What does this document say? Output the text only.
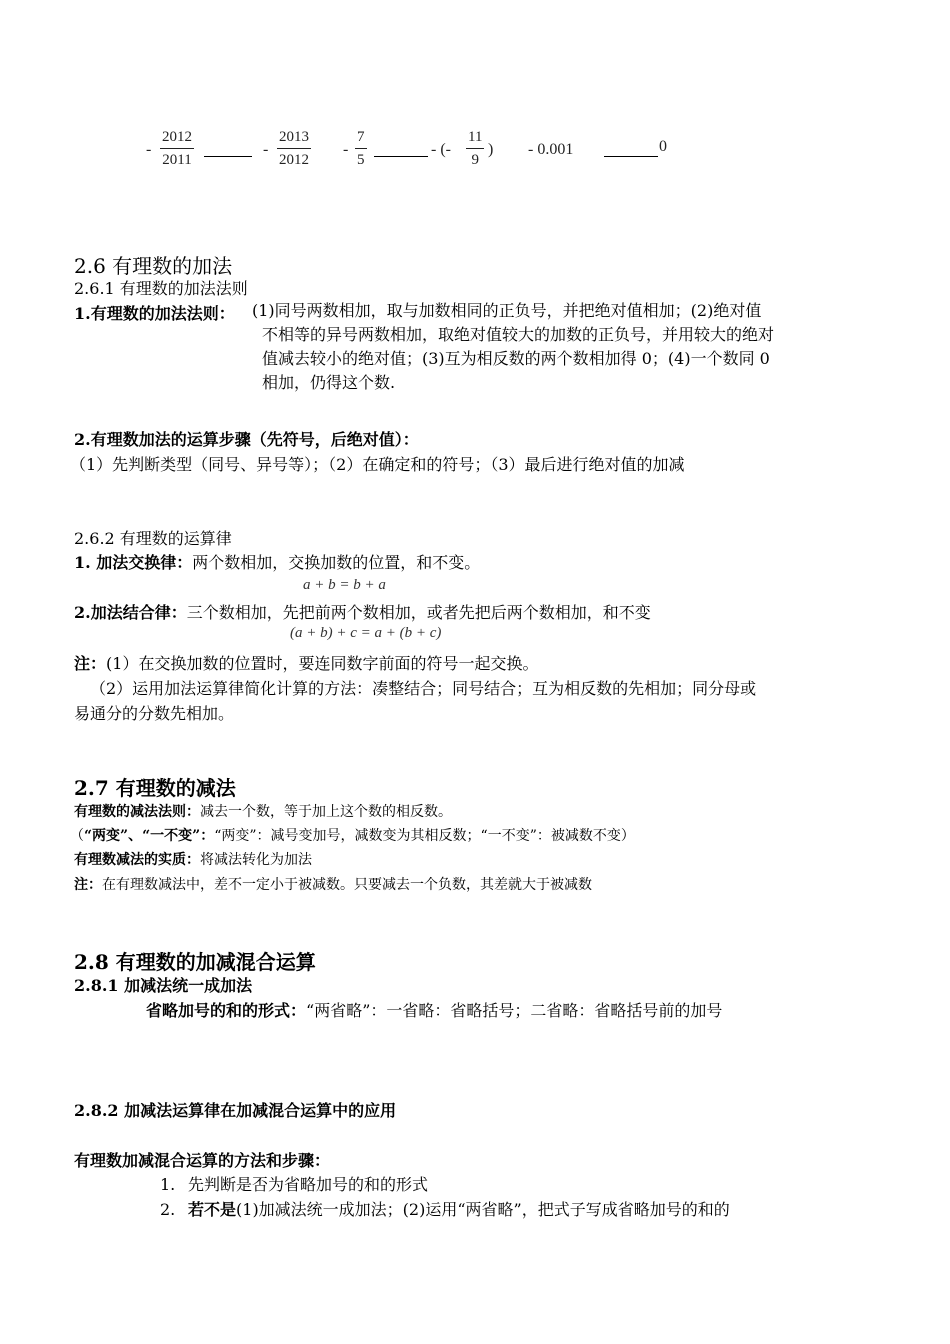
- $\frac{2012}{2011}$	- $\frac{2013}{2012} - \frac{7}{5}$	- (- $\frac{11}{9}$ ) - 0.001	0
2.6 有理数的加法
2.6.1 有理数的加法法则
1.有理数的加法法则： (1)同号两数相加，取与加数相同的正负号，并把绝对值相加；(2)绝对值
不相等的异号两数相加，取绝对值较大的加数的正负号，并用较大的绝对
值减去较小的绝对值；(3)互为相反数的两个数相加得 0；(4)一个数同 0
相加，仍得这个数.
2.有理数加法的运算步骤（先符号，后绝对值）：
（1）先判断类型（同号、异号等）；（2）在确定和的符号；（3）最后进行绝对值的加减
2.6.2 有理数的运算律
1. 加法交换律：两个数相加，交换加数的位置，和不变。
a + b = b + a
2.加法结合律：三个数相加，先把前两个数相加，或者先把后两个数相加，和不变
(a + b) + c = a + (b + c)
注：(1）在交换加数的位置时，要连同数字前面的符号一起交换。
（2）运用加法运算律简化计算的方法：凑整结合；同号结合；互为相反数的先相加；同分母或
易通分的分数先相加。
2.7 有理数的减法
有理数的减法法则：减去一个数，等于加上这个数的相反数。
（“两变”、“一不变”：“两变”：减号变加号，减数变为其相反数；“一不变”：被减数不变）
有理数减法的实质：将减法转化为加法
注：在有理数减法中，差不一定小于被减数。只要减去一个负数，其差就大于被减数
2.8 有理数的加减混合运算
2.8.1 加减法统一成加法
省略加号的和的形式：“两省略”：一省略：省略括号；二省略：省略括号前的加号
2.8.2 加减法运算律在加减混合运算中的应用
有理数加减混合运算的方法和步骤：
1. 先判断是否为省略加号的和的形式
2. 若不是(1)加减法统一成加法；(2)运用“两省略”，把式子写成省略加号的和的
